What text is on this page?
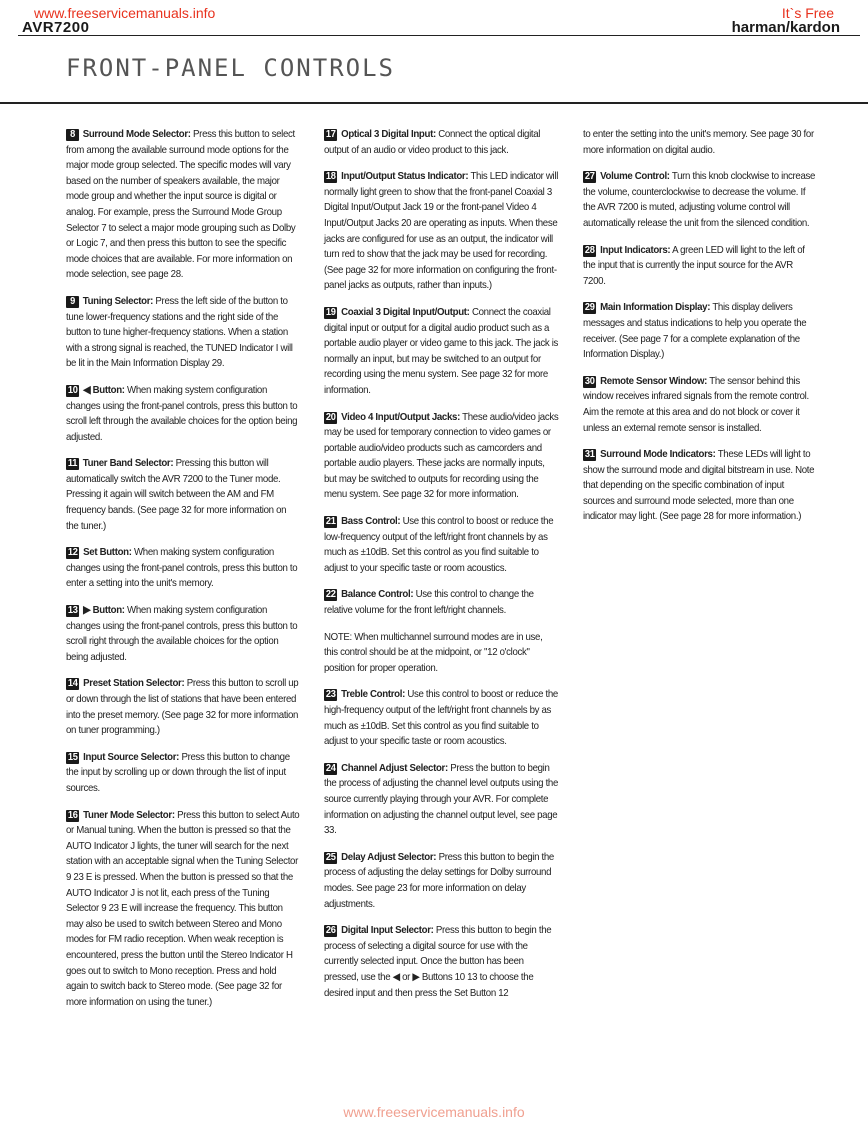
www.freeservicemanuals.info	It`s Free
AVR7200	harman/kardon
FRONT-PANEL CONTROLS

8 Surround Mode Selector: Press this button to select from among the available surround mode options for the major mode group selected. The specific modes will vary based on the number of speakers available, the major mode group and whether the input source is digital or analog. For example, press the Surround Mode Group Selector 7 to select a major mode grouping such as Dolby or Logic 7, and then press this button to see the specific mode choices that are available. For more information on mode selection, see page 28.

9 Tuning Selector: Press the left side of the button to tune lower-frequency stations and the right side of the button to tune higher-frequency stations. When a station with a strong signal is reached, the TUNED Indicator I will be lit in the Main Information Display 29.

10 ◀ Button: When making system configuration changes using the front-panel controls, press this button to scroll left through the available choices for the option being adjusted.

11 Tuner Band Selector: Pressing this button will automatically switch the AVR 7200 to the Tuner mode. Pressing it again will switch between the AM and FM frequency bands. (See page 32 for more information on the tuner.)

12 Set Button: When making system configuration changes using the front-panel controls, press this button to enter a setting into the unit's memory.

13 ▶ Button: When making system configuration changes using the front-panel controls, press this button to scroll right through the available choices for the option being adjusted.

14 Preset Station Selector: Press this button to scroll up or down through the list of stations that have been entered into the preset memory. (See page 32 for more information on tuner programming.)

15 Input Source Selector: Press this button to change the input by scrolling up or down through the list of input sources.

16 Tuner Mode Selector: Press this button to select Auto or Manual tuning. When the button is pressed so that the AUTO Indicator J lights, the tuner will search for the next station with an acceptable signal when the Tuning Selector 9 23 E is pressed. When the button is pressed so that the AUTO Indicator J is not lit, each press of the Tuning Selector 9 23 E will increase the frequency. This button may also be used to switch between Stereo and Mono modes for FM radio reception. When weak reception is encountered, press the button until the Stereo Indicator H goes out to switch to Mono reception. Press and hold again to switch back to Stereo mode. (See page 32 for more information on using the tuner.)

17 Optical 3 Digital Input: Connect the optical digital output of an audio or video product to this jack.

18 Input/Output Status Indicator: This LED indicator will normally light green to show that the front-panel Coaxial 3 Digital Input/Output Jack 19 or the front-panel Video 4 Input/Output Jacks 20 are operating as inputs. When these jacks are configured for use as an output, the indicator will turn red to show that the jack may be used for recording. (See page 32 for more information on configuring the front-panel jacks as outputs, rather than inputs.)

19 Coaxial 3 Digital Input/Output: Connect the coaxial digital input or output for a digital audio product such as a portable audio player or video game to this jack. The jack is normally an input, but may be switched to an output for recording using the menu system. See page 32 for more information.

20 Video 4 Input/Output Jacks: These audio/video jacks may be used for temporary connection to video games or portable audio/video products such as camcorders and portable audio players. These jacks are normally inputs, but may be switched to outputs for recording using the menu system. See page 32 for more information.

21 Bass Control: Use this control to boost or reduce the low-frequency output of the left/right front channels by as much as ±10dB. Set this control as you find suitable to adjust to your specific taste or room acoustics.

22 Balance Control: Use this control to change the relative volume for the front left/right channels.

NOTE: When multichannel surround modes are in use, this control should be at the midpoint, or "12 o'clock" position for proper operation.

23 Treble Control: Use this control to boost or reduce the high-frequency output of the left/right front channels by as much as ±10dB. Set this control as you find suitable to adjust to your specific taste or room acoustics.

24 Channel Adjust Selector: Press the button to begin the process of adjusting the channel level outputs using the source currently playing through your AVR. For complete information on adjusting the channel output level, see page 33.

25 Delay Adjust Selector: Press this button to begin the process of adjusting the delay settings for Dolby surround modes. See page 23 for more information on delay adjustments.

26 Digital Input Selector: Press this button to begin the process of selecting a digital source for use with the currently selected input. Once the button has been pressed, use the ◀ or ▶ Buttons 10 13 to choose the desired input and then press the Set Button 12

to enter the setting into the unit's memory. See page 30 for more information on digital audio.

27 Volume Control: Turn this knob clockwise to increase the volume, counterclockwise to decrease the volume. If the AVR 7200 is muted, adjusting volume control will automatically release the unit from the silenced condition.

28 Input Indicators: A green LED will light to the left of the input that is currently the input source for the AVR 7200.

29 Main Information Display: This display delivers messages and status indications to help you operate the receiver. (See page 7 for a complete explanation of the Information Display.)

30 Remote Sensor Window: The sensor behind this window receives infrared signals from the remote control. Aim the remote at this area and do not block or cover it unless an external remote sensor is installed.

31 Surround Mode Indicators: These LEDs will light to show the surround mode and digital bitstream in use. Note that depending on the specific combination of input sources and surround mode selected, more than one indicator may light. (See page 28 for more information.)

www.freeservicemanuals.info
